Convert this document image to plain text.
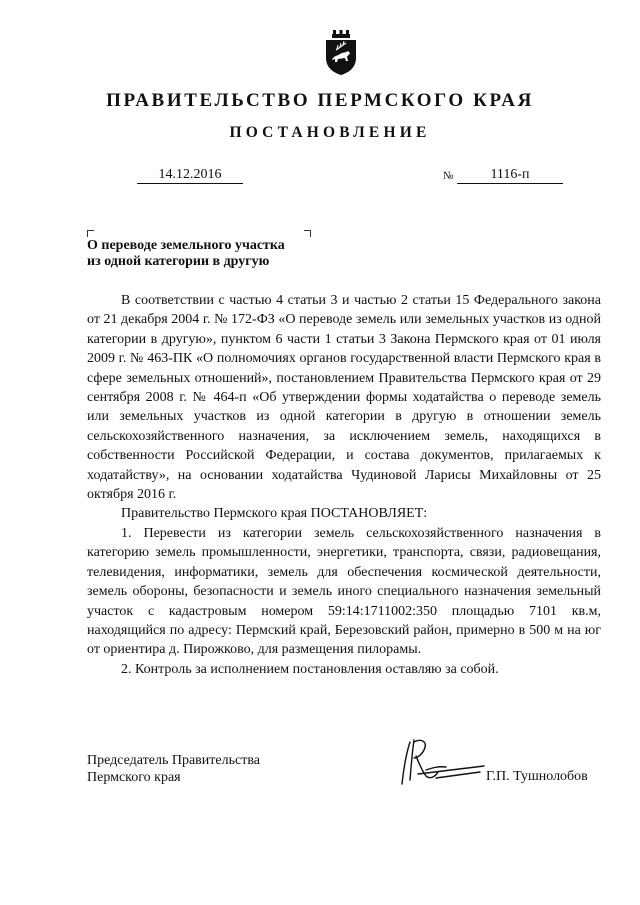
ПРАВИТЕЛЬСТВО ПЕРМСКОГО КРАЯ
ПОСТАНОВЛЕНИЕ
14.12.2016	№	1116-п
О переводе земельного участка
из одной категории в другую

В соответствии с частью 4 статьи 3 и частью 2 статьи 15 Федерального закона от 21 декабря 2004 г. № 172-ФЗ «О переводе земель или земельных участков из одной категории в другую», пунктом 6 части 1 статьи 3 Закона Пермского края от 01 июля 2009 г. № 463-ПК «О полномочиях органов государственной власти Пермского края в сфере земельных отношений», постановлением Правительства Пермского края от 29 сентября 2008 г. № 464-п «Об утверждении формы ходатайства о переводе земель или земельных участков из одной категории в другую в отношении земель сельскохозяйственного назначения, за исключением земель, находящихся в собственности Российской Федерации, и состава документов, прилагаемых к ходатайству», на основании ходатайства Чудиновой Ларисы Михайловны от 25 октября 2016 г.

Правительство Пермского края ПОСТАНОВЛЯЕТ:

1. Перевести из категории земель сельскохозяйственного назначения в категорию земель промышленности, энергетики, транспорта, связи, радиовещания, телевидения, информатики, земель для обеспечения космической деятельности, земель обороны, безопасности и земель иного специального назначения земельный участок с кадастровым номером 59:14:1711002:350 площадью 7101 кв.м, находящийся по адресу: Пермский край, Березовский район, примерно в 500 м на юг от ориентира д. Пирожково, для размещения пилорамы.

2. Контроль за исполнением постановления оставляю за собой.

Председатель Правительства
Пермского края	Г.П. Тушнолобов
